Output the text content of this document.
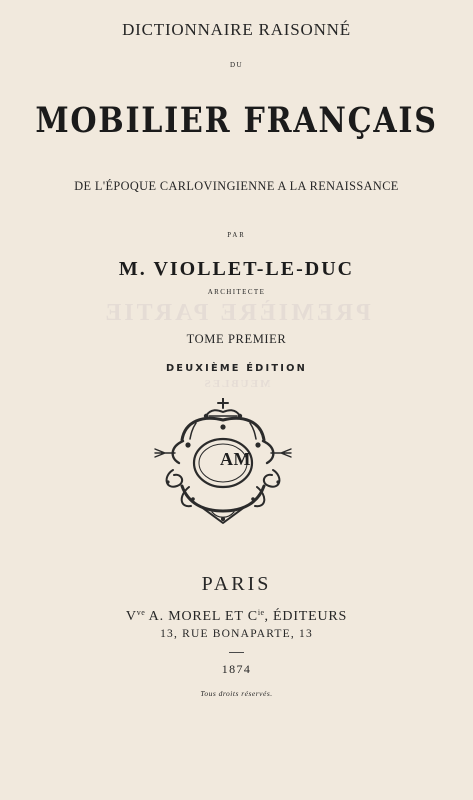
PREMIÈRE PARTIE
MEUBLES
DICTIONNAIRE RAISONNÉ
DU
MOBILIER FRANÇAIS
DE L'ÉPOQUE CARLOVINGIENNE A LA RENAISSANCE
PAR
M. VIOLLET-LE-DUC
ARCHITECTE
TOME PREMIER
DEUXIÈME ÉDITION
AM
PARIS
$V^{ve}$ A. MOREL ET $C^{ie}$, ÉDITEURS
13, RUE BONAPARTE, 13
1874
Tous droits réservés.
